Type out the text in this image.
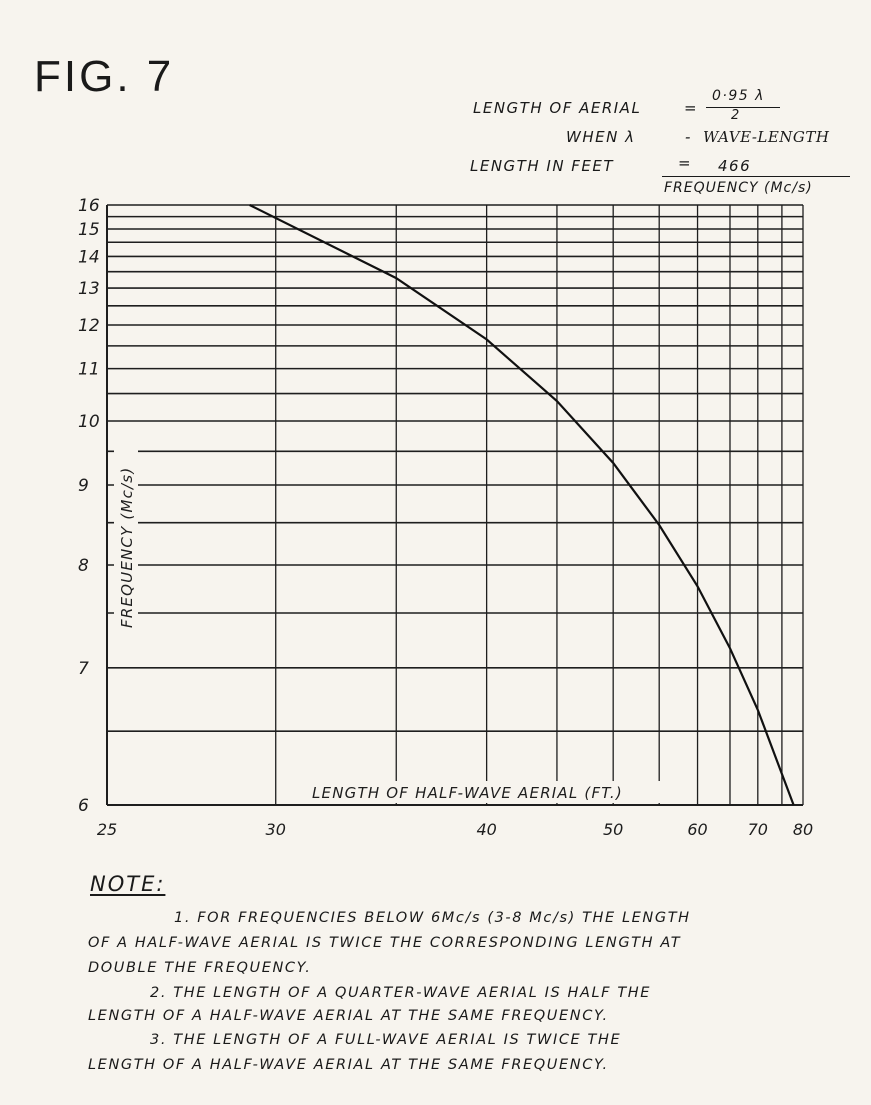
FIG. 7
LENGTH OF AERIAL	=
0·95 λ
2
WHEN λ	- WAVE-LENGTH
LENGTH IN FEET	= 466
FREQUENCY (Mc/s)
6
7
8
9
10
11
12
13
14
15
16
25	30	40	50	60 70 80
LENGTH OF HALF-WAVE AERIAL (FT.)
FREQUENCY (Mc/s)
NOTE:
1. FOR FREQUENCIES BELOW 6Mc/s (3-8 Mc/s) THE LENGTH
OF A HALF-WAVE AERIAL IS TWICE THE CORRESPONDING LENGTH AT
DOUBLE THE FREQUENCY.
2. THE LENGTH OF A QUARTER-WAVE AERIAL IS HALF THE
LENGTH OF A HALF-WAVE AERIAL AT THE SAME FREQUENCY.
3. THE LENGTH OF A FULL-WAVE AERIAL IS TWICE THE
LENGTH OF A HALF-WAVE AERIAL AT THE SAME FREQUENCY.
